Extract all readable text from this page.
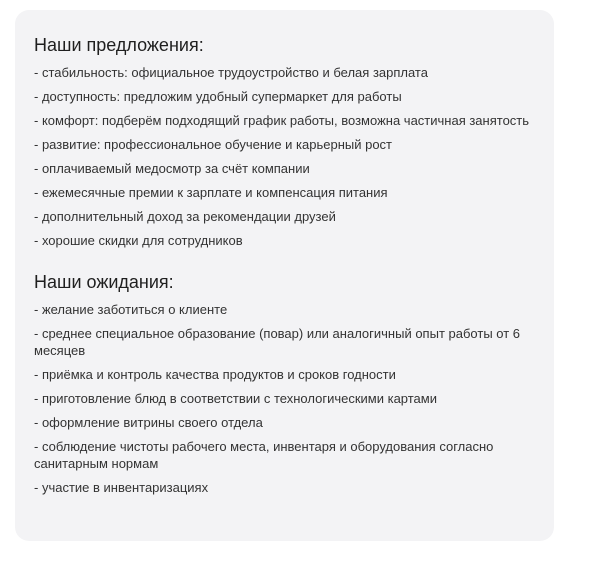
Наши предложения:
- стабильность: официальное трудоустройство и белая зарплата
- доступность: предложим удобный супермаркет для работы
- комфорт: подберём подходящий график работы, возможна частичная занятость
- развитие: профессиональное обучение и карьерный рост
- оплачиваемый медосмотр за счёт компании
- ежемесячные премии к зарплате и компенсация питания
- дополнительный доход за рекомендации друзей
- хорошие скидки для сотрудников
Наши ожидания:
- желание заботиться о клиенте
- среднее специальное образование (повар) или аналогичный опыт работы от 6 месяцев
- приёмка и контроль качества продуктов и сроков годности
- приготовление блюд в соответствии с технологическими картами
- оформление витрины своего отдела
- соблюдение чистоты рабочего места, инвентаря и оборудования согласно санитарным нормам
- участие в инвентаризациях
